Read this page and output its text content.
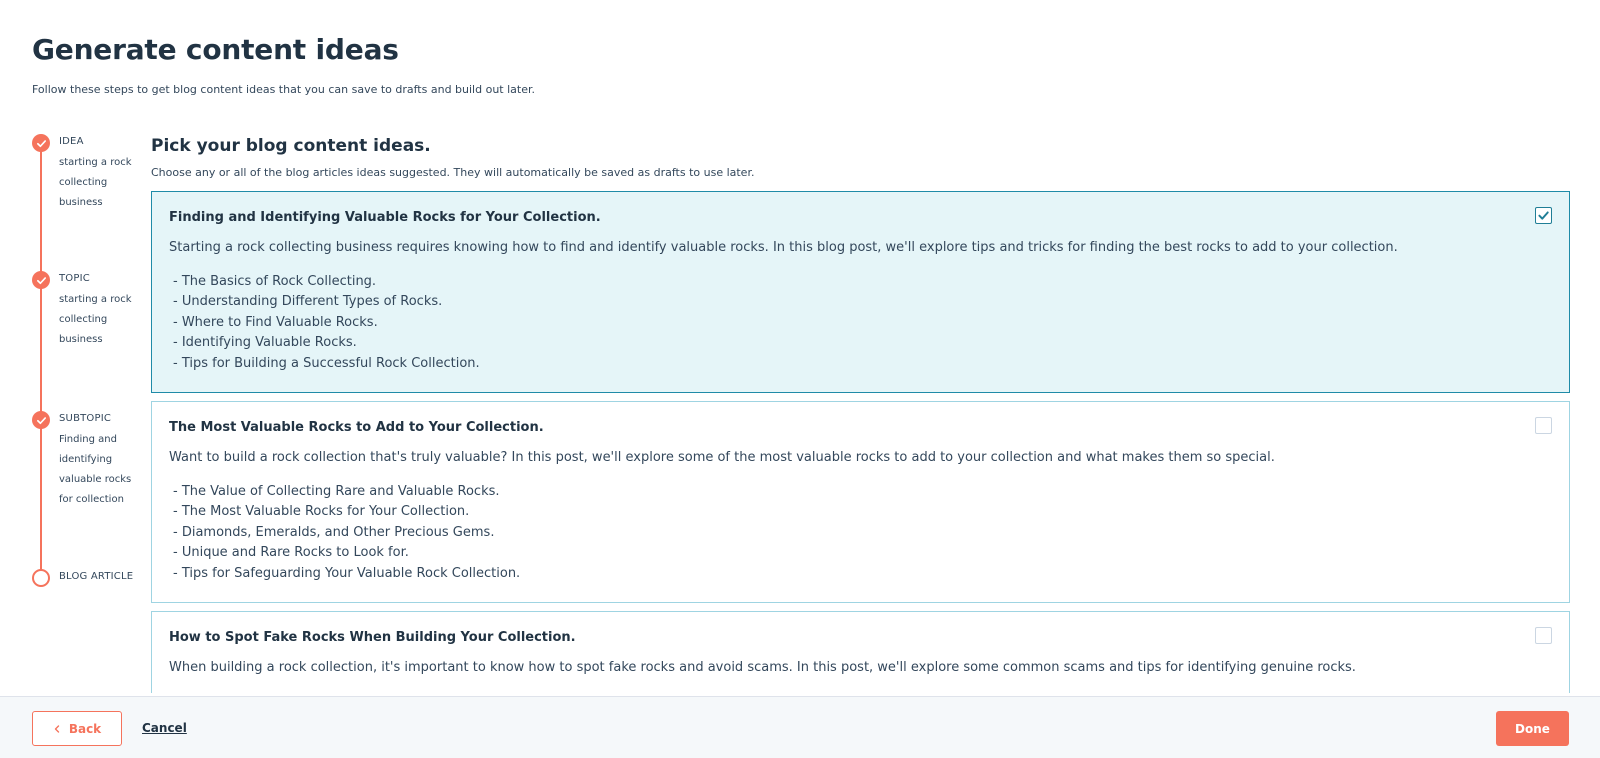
Generate content ideas

Follow these steps to get blog content ideas that you can save to drafts and build out later.

IDEA
starting a rock collecting business
TOPIC
starting a rock collecting business
SUBTOPIC
Finding and identifying valuable rocks for collection
BLOG ARTICLE
Pick your blog content ideas.

Choose any or all of the blog articles ideas suggested. They will automatically be saved as drafts to use later.

Finding and Identifying Valuable Rocks for Your Collection.
Starting a rock collecting business requires knowing how to find and identify valuable rocks. In this blog post, we'll explore tips and tricks for finding the best rocks to add to your collection.
- The Basics of Rock Collecting.
- Understanding Different Types of Rocks.
- Where to Find Valuable Rocks.
- Identifying Valuable Rocks.
- Tips for Building a Successful Rock Collection.
The Most Valuable Rocks to Add to Your Collection.
Want to build a rock collection that's truly valuable? In this post, we'll explore some of the most valuable rocks to add to your collection and what makes them so special.
- The Value of Collecting Rare and Valuable Rocks.
- The Most Valuable Rocks for Your Collection.
- Diamonds, Emeralds, and Other Precious Gems.
- Unique and Rare Rocks to Look for.
- Tips for Safeguarding Your Valuable Rock Collection.
How to Spot Fake Rocks When Building Your Collection.
When building a rock collection, it's important to know how to spot fake rocks and avoid scams. In this post, we'll explore some common scams and tips for identifying genuine rocks.
Back	Cancel	Done
